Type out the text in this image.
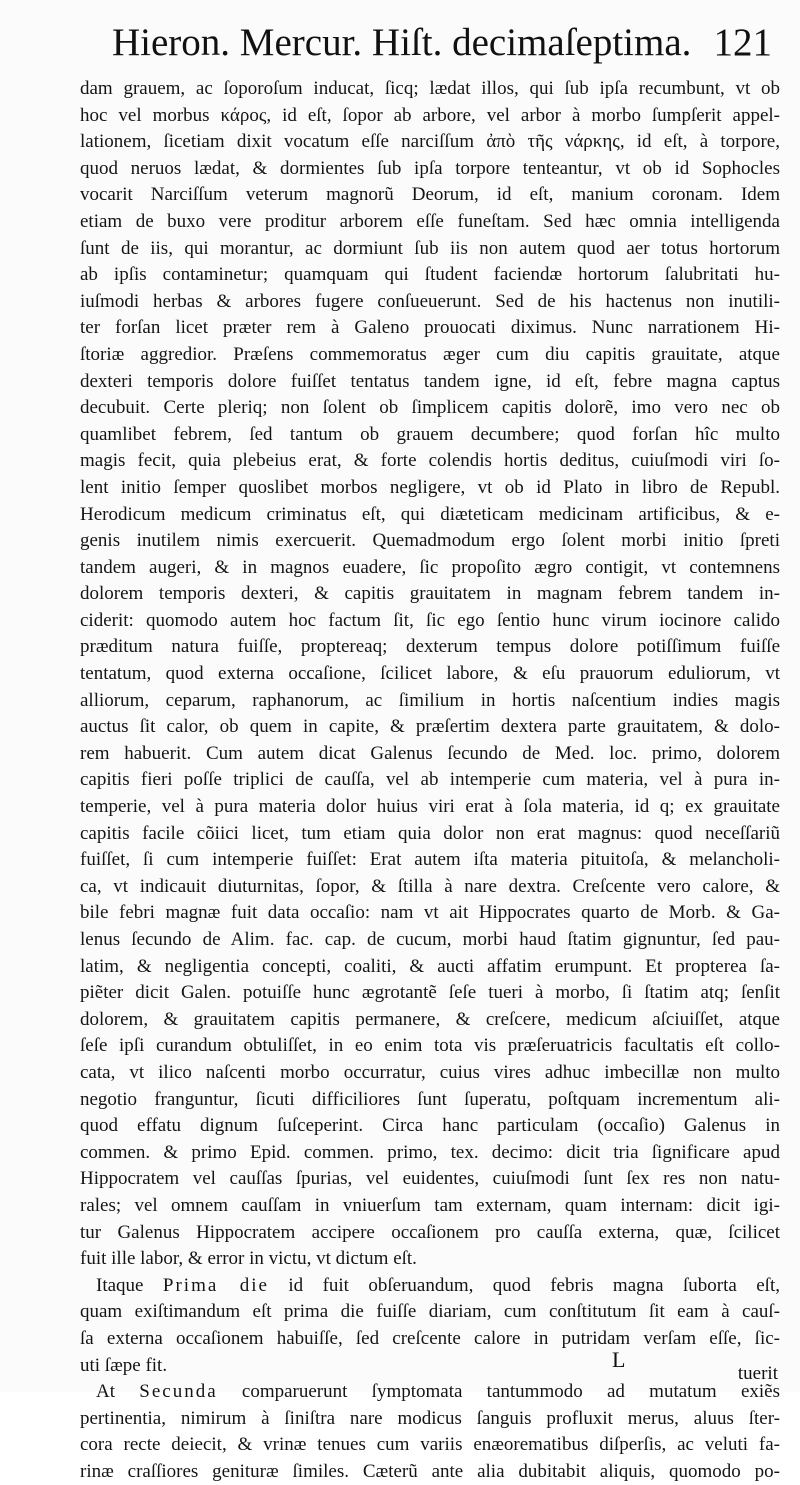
Hieron. Mercur. Hiſt. decimaſeptima. 121
dam grauem, ac ſoporoſum inducat, ſicq; lædat illos, qui ſub ipſa recumbunt, vt ob
hoc vel morbus κάρος, id eſt, ſopor ab arbore, vel arbor à morbo ſumpſerit appel-
lationem, ſicetiam dixit vocatum eſſe narciſſum ἀπὸ τῆς νάρκης, id eſt, à torpore,
quod neruos lædat, & dormientes ſub ipſa torpore tenteantur, vt ob id Sophocles
vocarit Narciſſum veterum magnorũ Deorum, id eſt, manium coronam. Idem
etiam de buxo vere proditur arborem eſſe funeſtam. Sed hæc omnia intelligenda
ſunt de iis, qui morantur, ac dormiunt ſub iis non autem quod aer totus hortorum
ab ipſis contaminetur; quamquam qui ſtudent faciendæ hortorum ſalubritati hu-
iuſmodi herbas & arbores fugere conſueuerunt. Sed de his hactenus non inutili-
ter forſan licet præter rem à Galeno prouocati diximus. Nunc narrationem Hi-
ſtoriæ aggredior. Præſens commemoratus æger cum diu capitis grauitate, atque
dexteri temporis dolore fuiſſet tentatus tandem igne, id eſt, febre magna captus
decubuit. Certe pleriq; non ſolent ob ſimplicem capitis dolorẽ, imo vero nec ob
quamlibet febrem, ſed tantum ob grauem decumbere; quod forſan hîc multo
magis fecit, quia plebeius erat, & forte colendis hortis deditus, cuiuſmodi viri ſo-
lent initio ſemper quoslibet morbos negligere, vt ob id Plato in libro de Republ.
Herodicum medicum criminatus eſt, qui diæteticam medicinam artificibus, & e-
genis inutilem nimis exercuerit. Quemadmodum ergo ſolent morbi initio ſpreti
tandem augeri, & in magnos euadere, ſic propoſito ægro contigit, vt contemnens
dolorem temporis dexteri, & capitis grauitatem in magnam febrem tandem in-
ciderit: quomodo autem hoc factum ſit, ſic ego ſentio hunc virum iocinore calido
præditum natura fuiſſe, proptereaq; dexterum tempus dolore potiſſimum fuiſſe
tentatum, quod externa occaſione, ſcilicet labore, & eſu prauorum eduliorum, vt
alliorum, ceparum, raphanorum, ac ſimilium in hortis naſcentium indies magis
auctus ſit calor, ob quem in capite, & præſertim dextera parte grauitatem, & dolo-
rem habuerit. Cum autem dicat Galenus ſecundo de Med. loc. primo, dolorem
capitis fieri poſſe triplici de cauſſa, vel ab intemperie cum materia, vel à pura in-
temperie, vel à pura materia dolor huius viri erat à ſola materia, id q; ex grauitate
capitis facile cõiici licet, tum etiam quia dolor non erat magnus: quod neceſſariũ
fuiſſet, ſi cum intemperie fuiſſet: Erat autem iſta materia pituitoſa, & melancholi-
ca, vt indicauit diuturnitas, ſopor, & ſtilla à nare dextra. Creſcente vero calore, &
bile febri magnæ fuit data occaſio: nam vt ait Hippocrates quarto de Morb. & Ga-
lenus ſecundo de Alim. fac. cap. de cucum, morbi haud ſtatim gignuntur, ſed pau-
latim, & negligentia concepti, coaliti, & aucti affatim erumpunt. Et propterea ſa-
piẽter dicit Galen. potuiſſe hunc ægrotantẽ ſeſe tueri à morbo, ſi ſtatim atq; ſenſit
dolorem, & grauitatem capitis permanere, & creſcere, medicum aſciuiſſet, atque
ſeſe ipſi curandum obtuliſſet, in eo enim tota vis præſeruatricis facultatis eſt collo-
cata, vt ilico naſcenti morbo occurratur, cuius vires adhuc imbecillæ non multo
negotio franguntur, ſicuti difficiliores ſunt ſuperatu, poſtquam incrementum ali-
quod effatu dignum ſuſceperint. Circa hanc particulam (occaſio) Galenus in
commen. & primo Epid. commen. primo, tex. decimo: dicit tria ſignificare apud
Hippocratem vel cauſſas ſpurias, vel euidentes, cuiuſmodi ſunt ſex res non natu-
rales; vel omnem cauſſam in vniuerſum tam externam, quam internam: dicit igi-
tur Galenus Hippocratem accipere occaſionem pro cauſſa externa, quæ, ſcilicet
fuit ille labor, & error in victu, vt dictum eſt.
Itaque Prima die id fuit obſeruandum, quod febris magna ſuborta eſt,
quam exiſtimandum eſt prima die fuiſſe diariam, cum conſtitutum ſit eam à cauſ-
ſa externa occaſionem habuiſſe, ſed creſcente calore in putridam verſam eſſe, ſic-
uti ſæpe fit.
At Secunda comparuerunt ſymptomata tantummodo ad mutatum exiẽs
pertinentia, nimirum à ſiniſtra nare modicus ſanguis profluxit merus, aluus ſter-
cora recte deiecit, & vrinæ tenues cum variis enæorematibus diſperſis, ac veluti fa-
rinæ craſſiores genituræ ſimiles. Cæterũ ante alia dubitabit aliquis, quomodo po-
L
tuerit
